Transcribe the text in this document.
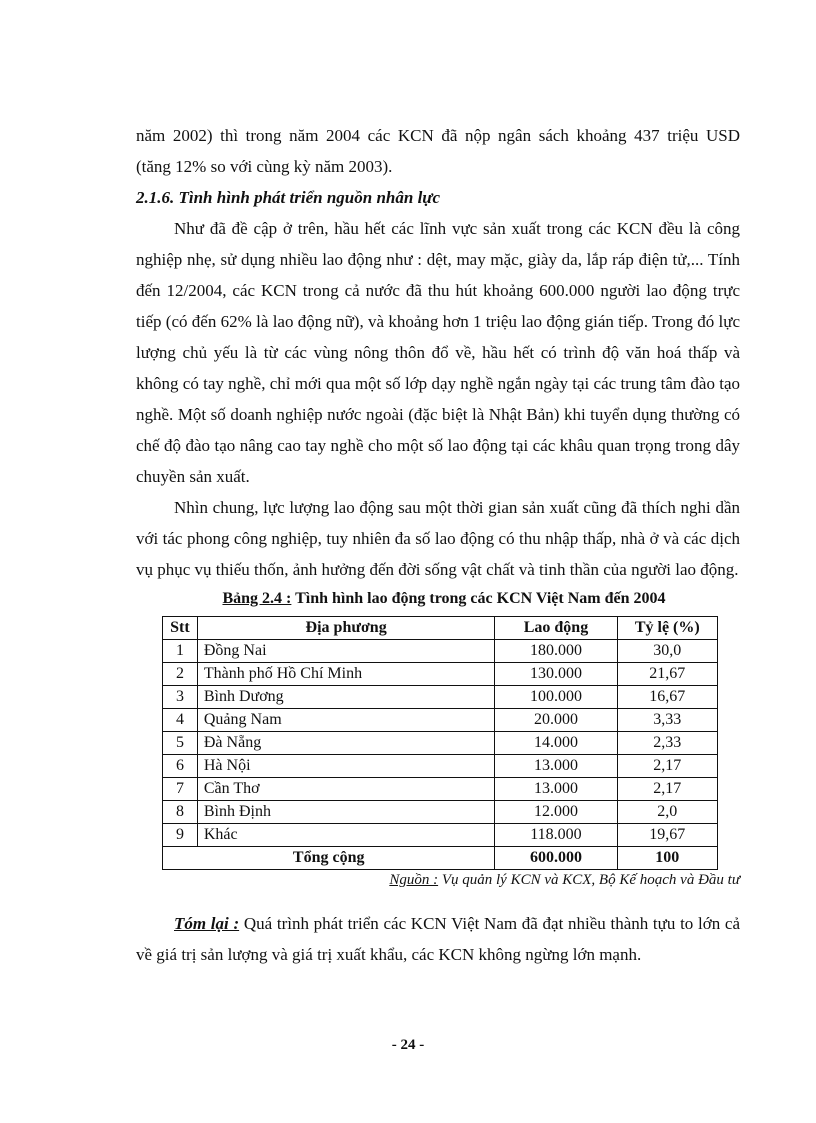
năm 2002) thì trong năm 2004 các KCN đã nộp ngân sách khoảng 437 triệu USD

(tăng 12% so với cùng kỳ năm 2003).

2.1.6. Tình hình phát triển nguồn nhân lực

Như đã đề cập ở trên, hầu hết các lĩnh vực sản xuất trong các KCN đều là công nghiệp nhẹ, sử dụng nhiều lao động như : dệt, may mặc, giày da, lắp ráp điện tử,... Tính đến 12/2004, các KCN trong cả nước đã thu hút khoảng 600.000 người lao động trực tiếp (có đến 62% là lao động nữ), và khoảng hơn 1 triệu lao động gián tiếp. Trong đó lực lượng chủ yếu là từ các vùng nông thôn đổ về, hầu hết có trình độ văn hoá thấp và không có tay nghề, chỉ mới qua một số lớp dạy nghề ngắn ngày tại các trung tâm đào tạo nghề. Một số doanh nghiệp nước ngoài (đặc biệt là Nhật Bản) khi tuyển dụng thường có chế độ đào tạo nâng cao tay nghề cho một số lao động tại các khâu quan trọng trong dây chuyền sản xuất.

Nhìn chung, lực lượng lao động sau một thời gian sản xuất cũng đã thích nghi dần với tác phong công nghiệp, tuy nhiên đa số lao động có thu nhập thấp, nhà ở và các dịch vụ phục vụ thiếu thốn, ảnh hưởng đến đời sống vật chất và tinh thần của người lao động.

Bảng 2.4 : Tình hình lao động trong các KCN Việt Nam đến 2004
Stt	Địa phương	Lao động	Tỷ lệ (%)
1	Đồng Nai	180.000	30,0
2	Thành phố Hồ Chí Minh	130.000	21,67
3	Bình Dương	100.000	16,67
4	Quảng Nam	20.000	3,33
5	Đà Nẵng	14.000	2,33
6	Hà Nội	13.000	2,17
7	Cần Thơ	13.000	2,17
8	Bình Định	12.000	2,0
9	Khác	118.000	19,67
Tổng cộng		600.000	100
Nguồn : Vụ quản lý KCN và KCX, Bộ Kế hoạch và Đầu tư

Tóm lại : Quá trình phát triển các KCN Việt Nam đã đạt nhiều thành tựu to lớn cả về giá trị sản lượng và giá trị xuất khẩu, các KCN không ngừng lớn mạnh.

- 24 -
